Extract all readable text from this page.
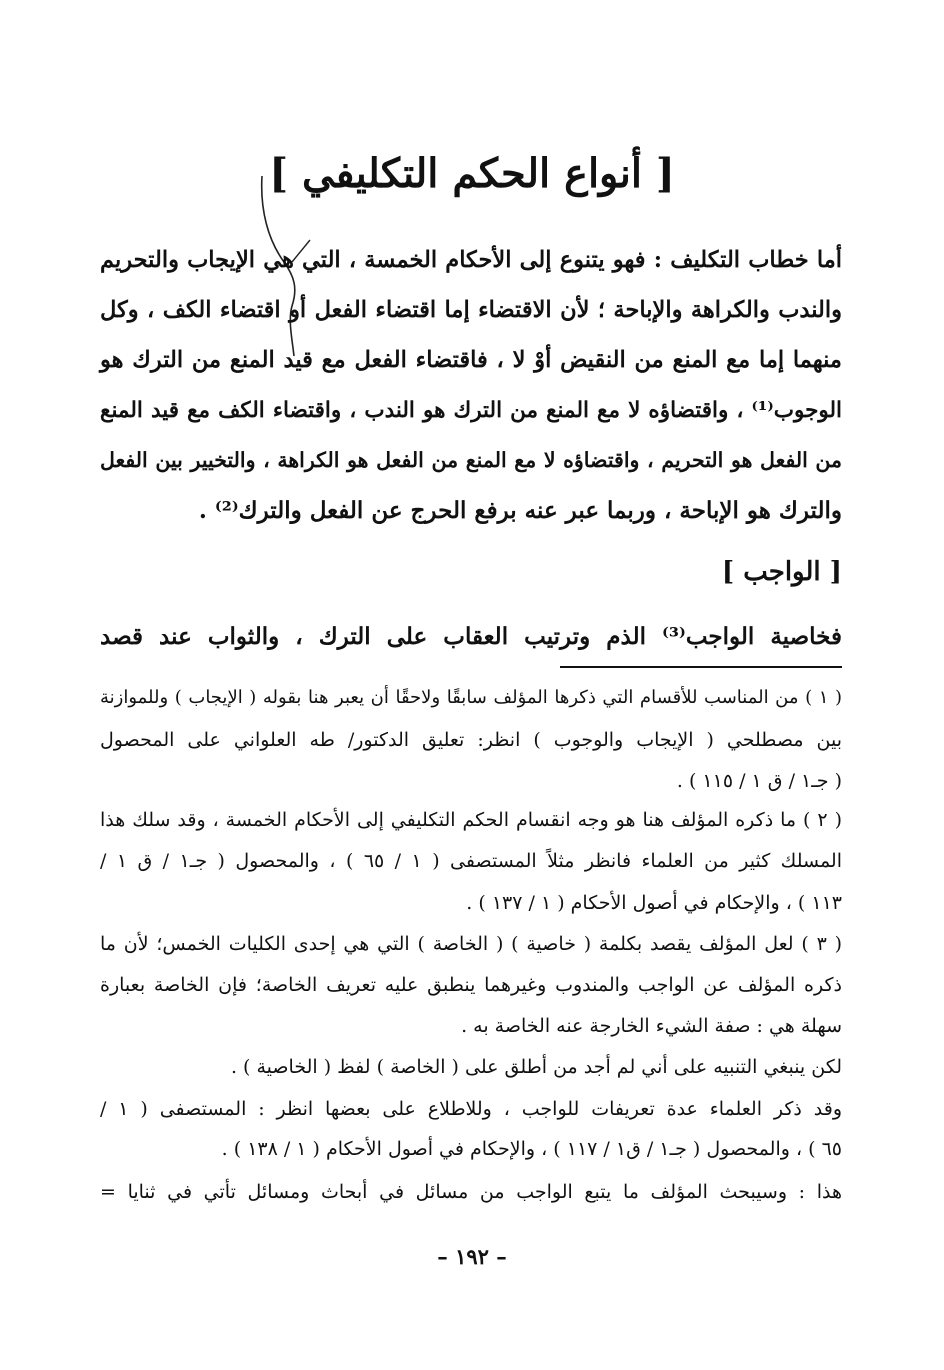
[ أنواع الحكم التكليفي ]
أما خطاب التكليف : فهو يتنوع إلى الأحكام الخمسة ، التي هي الإيجاب والتحريم
والندب والكراهة والإباحة ؛ لأن الاقتضاء إما اقتضاء الفعل أو اقتضاء الكف ، وكل
منهما إما مع المنع من النقيض أوْ لا ، فاقتضاء الفعل مع قيد المنع من الترك هو
الوجوب⁽¹⁾ ، واقتضاؤه لا مع المنع من الترك هو الندب ، واقتضاء الكف مع قيد المنع
من الفعل هو التحريم ، واقتضاؤه لا مع المنع من الفعل هو الكراهة ، والتخيير بين الفعل
والترك هو الإباحة ، وربما عبر عنه برفع الحرج عن الفعل والترك⁽²⁾ .
[ الواجب ]
فخاصية الواجب⁽³⁾ الذم وترتيب العقاب على الترك ، والثواب عند قصد
( ١ ) من المناسب للأقسام التي ذكرها المؤلف سابقًا ولاحقًا أن يعبر هنا بقوله ( الإيجاب ) وللموازنة
بين مصطلحي ( الإيجاب والوجوب ) انظر: تعليق الدكتور/ طه العلواني على المحصول
( جـ١ / ق ١ / ١١٥ ) .
( ٢ ) ما ذكره المؤلف هنا هو وجه انقسام الحكم التكليفي إلى الأحكام الخمسة ، وقد سلك هذا
المسلك كثير من العلماء فانظر مثلاً المستصفى ( ١ / ٦٥ ) ، والمحصول ( جـ١ / ق ١ /
١١٣ ) ، والإحكام في أصول الأحكام ( ١ / ١٣٧ ) .
( ٣ ) لعل المؤلف يقصد بكلمة ( خاصية ) ( الخاصة ) التي هي إحدى الكليات الخمس؛ لأن ما
ذكره المؤلف عن الواجب والمندوب وغيرهما ينطبق عليه تعريف الخاصة؛ فإن الخاصة بعبارة
سهلة هي : صفة الشيء الخارجة عنه الخاصة به .
لكن ينبغي التنبيه على أني لم أجد من أطلق على ( الخاصة ) لفظ ( الخاصية ) .
وقد ذكر العلماء عدة تعريفات للواجب ، وللاطلاع على بعضها انظر : المستصفى ( ١ /
٦٥ ) ، والمحصول ( جـ١ / ق١ / ١١٧ ) ، والإحكام في أصول الأحكام ( ١ / ١٣٨ ) .
هذا : وسيبحث المؤلف ما يتبع الواجب من مسائل في أبحاث ومسائل تأتي في ثنايا =
– ١٩٢ –
